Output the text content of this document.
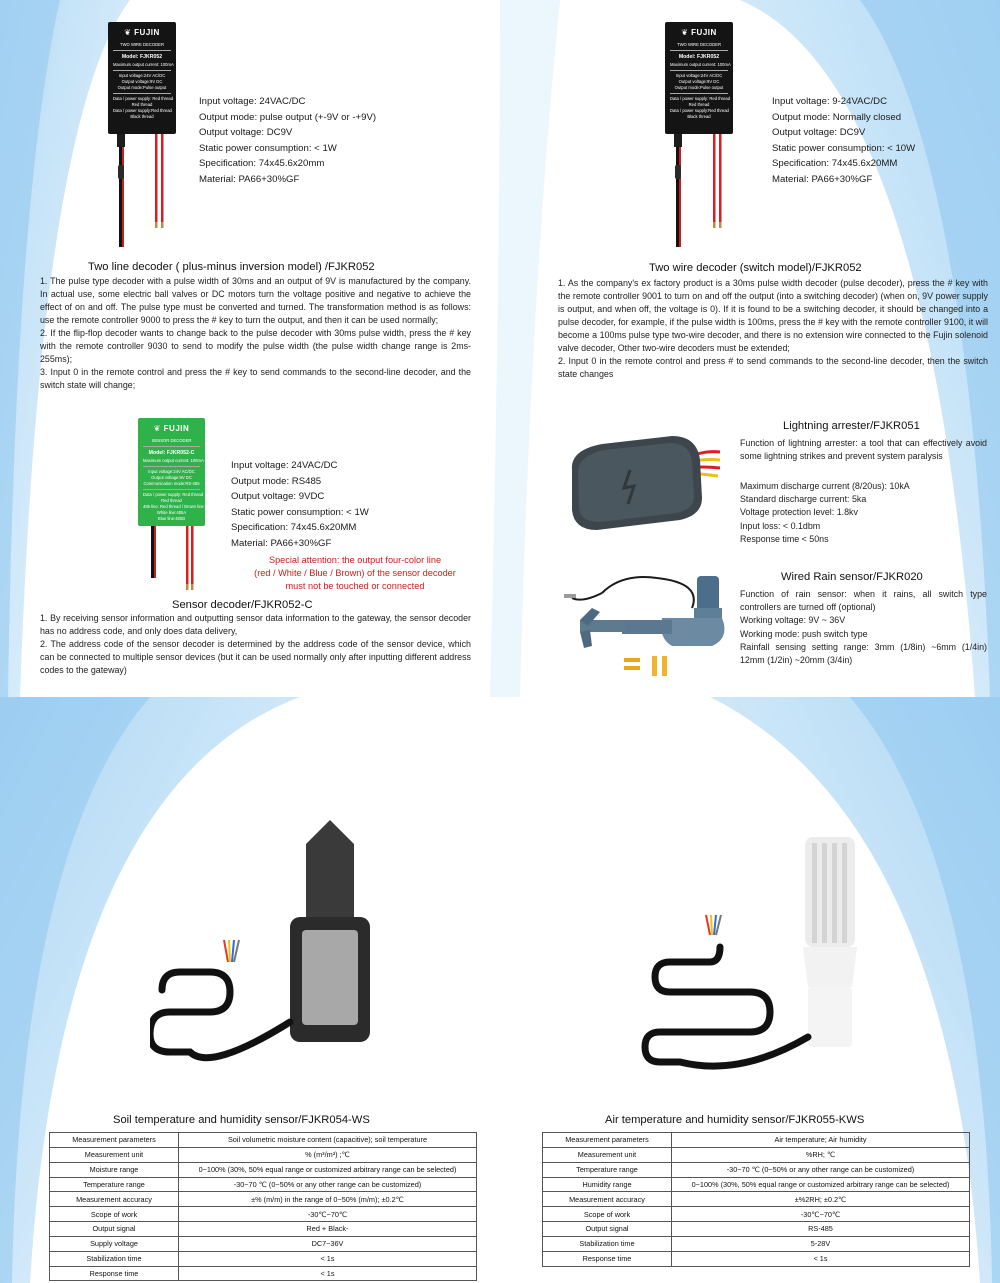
❦ FUJIN
TWO WIRE DECODER
Model: FJKR052
Maximum output current: 100mA
Input voltage:24V AC/DC
Output voltage:9V DC
Output mode:Pulse output
Data / power supply: Red thread
Red thread
Data / power supply:Red thread
Black thread
Input voltage: 24VAC/DC
Output mode: pulse output (+-9V or -+9V)
Output voltage: DC9V
Static power consumption: < 1W
Specification: 74x45.6x20mm
Material: PA66+30%GF
Two line decoder ( plus-minus inversion model) /FJKR052

1. The pulse type decoder with a pulse width of 30ms and an output of 9V is manufactured by the company. In actual use, some electric ball valves or DC motors turn the voltage positive and negative to achieve the effect of on and off. The pulse type must be converted and turned. The transformation method is as follows: use the remote controller 9000 to press the # key to turn the output, and then it can be used normally;

2. If the flip-flop decoder wants to change back to the pulse decoder with 30ms pulse width, press the # key with the remote controller 9030 to send to modify the pulse width (the pulse width change range is 2ms-255ms);

3. Input 0 in the remote control and press the # key to send commands to the second-line decoder, and the switch state will change;

❦ FUJIN
TWO WIRE DECODER
Model: FJKR052
Maximum output current: 100mA
Input voltage:24V AC/DC
Output voltage:9V DC
Output mode:Pulse output
Data / power supply: Red thread
Red thread
Data / power supply:Red thread
Black thread
Input voltage: 9-24VAC/DC
Output mode: Normally closed
Output voltage: DC9V
Static power consumption: < 10W
Specification: 74x45.6x20MM
Material: PA66+30%GF
Two wire decoder (switch model)/FJKR052

1. As the company's ex factory product is a 30ms pulse width decoder (pulse decoder), press the # key with the remote controller 9001 to turn on and off the output (into a switching decoder) (when on, 9V power supply is output, and when off, the voltage is 0). If it is found to be a switching decoder, it should be changed into a pulse decoder, for example, if the pulse width is 100ms, press the # key with the remote controller 9100, it will become a 100ms pulse type two-wire decoder, and there is no extension wire connected to the Fujin solenoid valve decoder, Other two-wire decoders must be extended;

2. Input 0 in the remote control and press # to send commands to the second-line decoder, then the switch state changes

❦ FUJIN
SENSOR DECODER
Model: FJKR052-C
Maximum output current: 100mA
Input voltage:24V AC/DC
Output voltage:9V DC
Communication mode:RS-485
Data / power supply: Red thread
Red thread
485 line: Red thread / Brown line
White line:485A
Blue line:485B
Input voltage: 24VAC/DC
Output mode: RS485
Output voltage: 9VDC
Static power consumption: < 1W
Specification: 74x45.6x20MM
Material: PA66+30%GF
Special attention: the output four-color line
(red / White / Blue / Brown) of the sensor decoder
must not be touched or connected
Sensor decoder/FJKR052-C

1. By receiving sensor information and outputting sensor data information to the gateway, the sensor decoder has no address code, and only does data delivery,

2. The address code of the sensor decoder is determined by the address code of the sensor device, which can be connected to multiple sensor devices (but it can be used normally only after inputting different address codes to the gateway)

Lightning arrester/FJKR051
Function of lightning arrester: a tool that can effectively avoid some lightning strikes and prevent system paralysis
Maximum discharge current (8/20us): 10kA
Standard discharge current: 5ka
Voltage protection level: 1.8kv
Input loss: < 0.1dbm
Response time < 50ns
Wired Rain sensor/FJKR020

Function of rain sensor: when it rains, all switch type controllers are turned off (optional)

Working voltage: 9V ~ 36V

Working mode: push switch type

Rainfall sensing setting range: 3mm (1/8in) ~6mm (1/4in) 12mm (1/2in) ~20mm (3/4in)

Soil temperature and humidity sensor/FJKR054-WS
Measurement parameters	Soil volumetric moisture content (capacitive); soil temperature
Measurement unit	% (m³/m³) ;℃
Moisture range	0~100% (30%, 50% equal range or customized arbitrary range can be selected)
Temperature range	-30~70 ℃ (0~50% or any other range can be customized)
Measurement accuracy	±% (m/m) in the range of 0~50% (m/m); ±0.2℃
Scope of work	-30℃~70℃
Output signal	Red + Black-
Supply voltage	DC7~36V
Stabilization time	< 1s
Response time	< 1s
Air temperature and humidity sensor/FJKR055-KWS
Measurement parameters	Air temperature; Air humidity
Measurement unit	%RH; ℃
Temperature range	-30~70 ℃ (0~50% or any other range can be customized)
Humidity range	0~100% (30%, 50% equal range or customized arbitrary range can be selected)
Measurement accuracy	±%2RH; ±0.2℃
Scope of work	-30℃~70℃
Output signal	RS-485
Stabilization time	5-28V
Response time	< 1s
